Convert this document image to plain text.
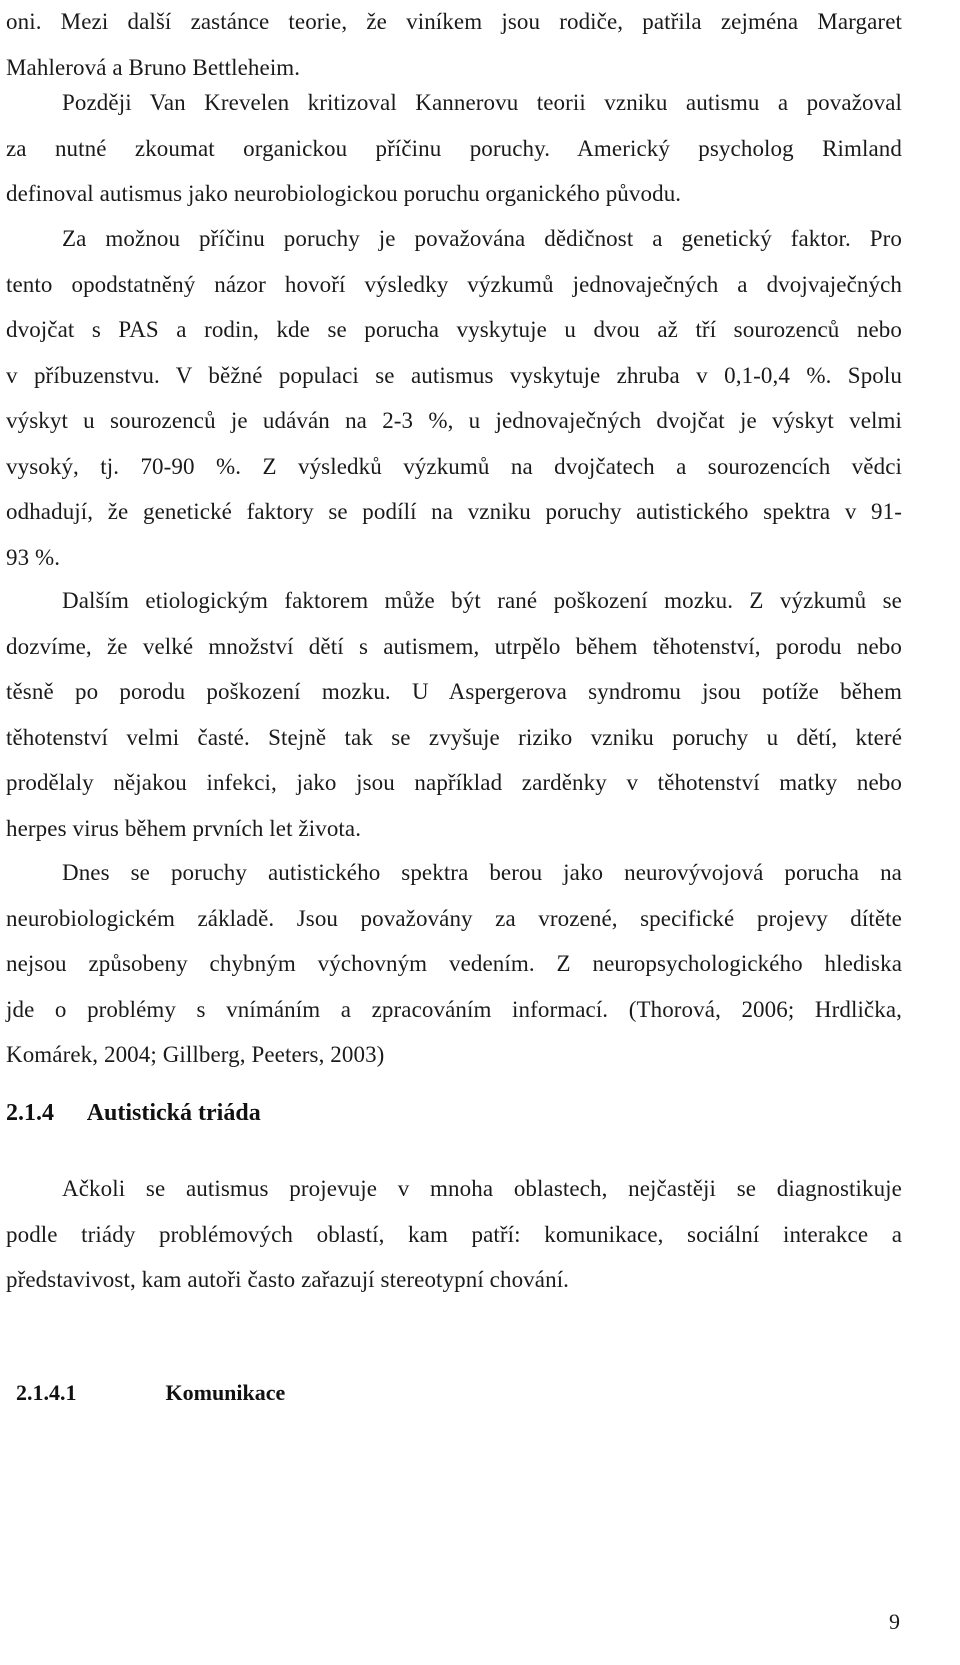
oni. Mezi další zastánce teorie, že viníkem jsou rodiče, patřila zejména Margaret
Mahlerová a Bruno Bettleheim.

Později Van Krevelen kritizoval Kannerovu teorii vzniku autismu a považoval
za nutné zkoumat organickou příčinu poruchy. Americký psycholog Rimland
definoval autismus jako neurobiologickou poruchu organického původu.

Za možnou příčinu poruchy je považována dědičnost a genetický faktor. Pro
tento opodstatněný názor hovoří výsledky výzkumů jednovaječných a dvojvaječných
dvojčat s PAS a rodin, kde se porucha vyskytuje u dvou až tří sourozenců nebo
v příbuzenstvu. V běžné populaci se autismus vyskytuje zhruba v 0,1-0,4 %. Spolu
výskyt u sourozenců je udáván na 2-3 %, u jednovaječných dvojčat je výskyt velmi
vysoký, tj. 70-90 %. Z výsledků výzkumů na dvojčatech a sourozencích vědci
odhadují, že genetické faktory se podílí na vzniku poruchy autistického spektra v 91-
93 %.

Dalším etiologickým faktorem může být rané poškození mozku. Z výzkumů se
dozvíme, že velké množství dětí s autismem, utrpělo během těhotenství, porodu nebo
těsně po porodu poškození mozku. U Aspergerova syndromu jsou potíže během
těhotenství velmi časté. Stejně tak se zvyšuje riziko vzniku poruchy u dětí, které
prodělaly nějakou infekci, jako jsou například zarděnky v těhotenství matky nebo
herpes virus během prvních let života.

Dnes se poruchy autistického spektra berou jako neurovývojová porucha na
neurobiologickém základě. Jsou považovány za vrozené, specifické projevy dítěte
nejsou způsobeny chybným výchovným vedením. Z neuropsychologického hlediska
jde o problémy s vnímáním a zpracováním informací. (Thorová, 2006; Hrdlička,
Komárek, 2004; Gillberg, Peeters, 2003)

2.1.4 Autistická triáda

Ačkoli se autismus projevuje v mnoha oblastech, nejčastěji se diagnostikuje
podle triády problémových oblastí, kam patří: komunikace, sociální interakce a
představivost, kam autoři často zařazují stereotypní chování.

2.1.4.1	Komunikace
9
